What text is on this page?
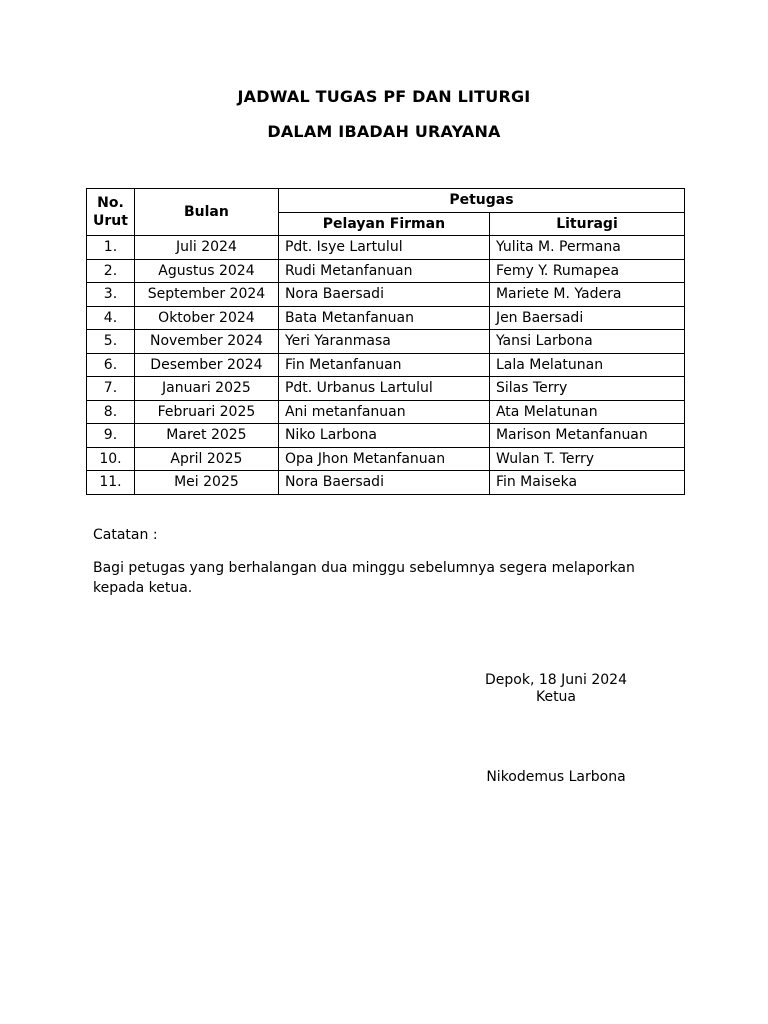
JADWAL TUGAS PF DAN LITURGI
DALAM IBADAH URAYANA
No.
Urut	Bulan	Petugas	
		Pelayan Firman	Lituragi
1.	Juli 2024	Pdt. Isye Lartulul	Yulita M. Permana
2.	Agustus 2024	Rudi Metanfanuan	Femy Y. Rumapea
3.	September 2024	Nora Baersadi	Mariete M. Yadera
4.	Oktober 2024	Bata Metanfanuan	Jen Baersadi
5.	November 2024	Yeri Yaranmasa	Yansi Larbona
6.	Desember 2024	Fin Metanfanuan	Lala Melatunan
7.	Januari 2025	Pdt. Urbanus Lartulul	Silas Terry
8.	Februari 2025	Ani metanfanuan	Ata Melatunan
9.	Maret 2025	Niko Larbona	Marison Metanfanuan
10.	April 2025	Opa Jhon Metanfanuan	Wulan T. Terry
11.	Mei 2025	Nora Baersadi	Fin Maiseka
Catatan :
Bagi petugas yang berhalangan dua minggu sebelumnya segera melaporkan kepada ketua.
Depok, 18 Juni 2024
Ketua
Nikodemus Larbona
